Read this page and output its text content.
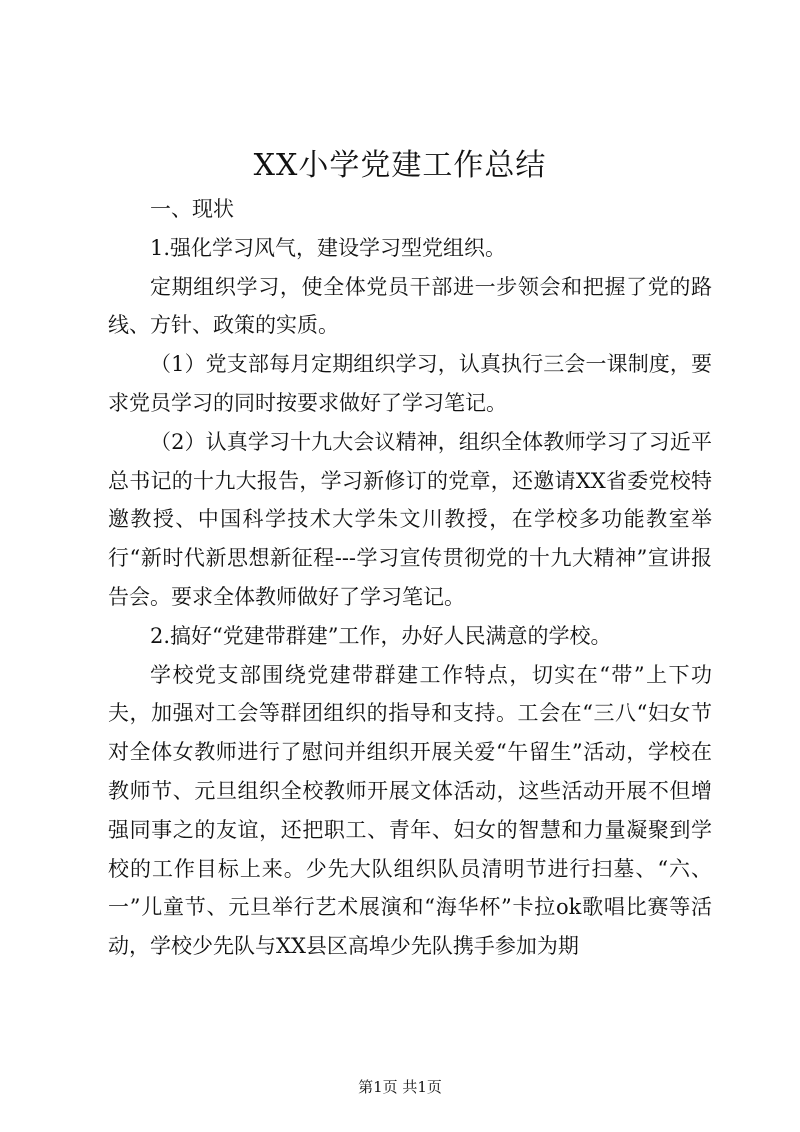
XX小学党建工作总结

一、现状

1.强化学习风气，建设学习型党组织。

定期组织学习，使全体党员干部进一步领会和把握了党的路线、方针、政策的实质。

（1）党支部每月定期组织学习，认真执行三会一课制度，要求党员学习的同时按要求做好了学习笔记。

（2）认真学习十九大会议精神，组织全体教师学习了习近平总书记的十九大报告，学习新修订的党章，还邀请XX省委党校特邀教授、中国科学技术大学朱文川教授，在学校多功能教室举行“新时代新思想新征程---学习宣传贯彻党的十九大精神”宣讲报告会。要求全体教师做好了学习笔记。

2.搞好“党建带群建”工作，办好人民满意的学校。

学校党支部围绕党建带群建工作特点，切实在“带”上下功夫，加强对工会等群团组织的指导和支持。工会在“三八“妇女节对全体女教师进行了慰问并组织开展关爱“午留生”活动，学校在教师节、元旦组织全校教师开展文体活动，这些活动开展不但增强同事之的友谊，还把职工、青年、妇女的智慧和力量凝聚到学校的工作目标上来。少先大队组织队员清明节进行扫墓、“六、一”儿童节、元旦举行艺术展演和“海华杯”卡拉ok歌唱比赛等活动，学校少先队与XX县区高埠少先队携手参加为期

第1页 共1页
